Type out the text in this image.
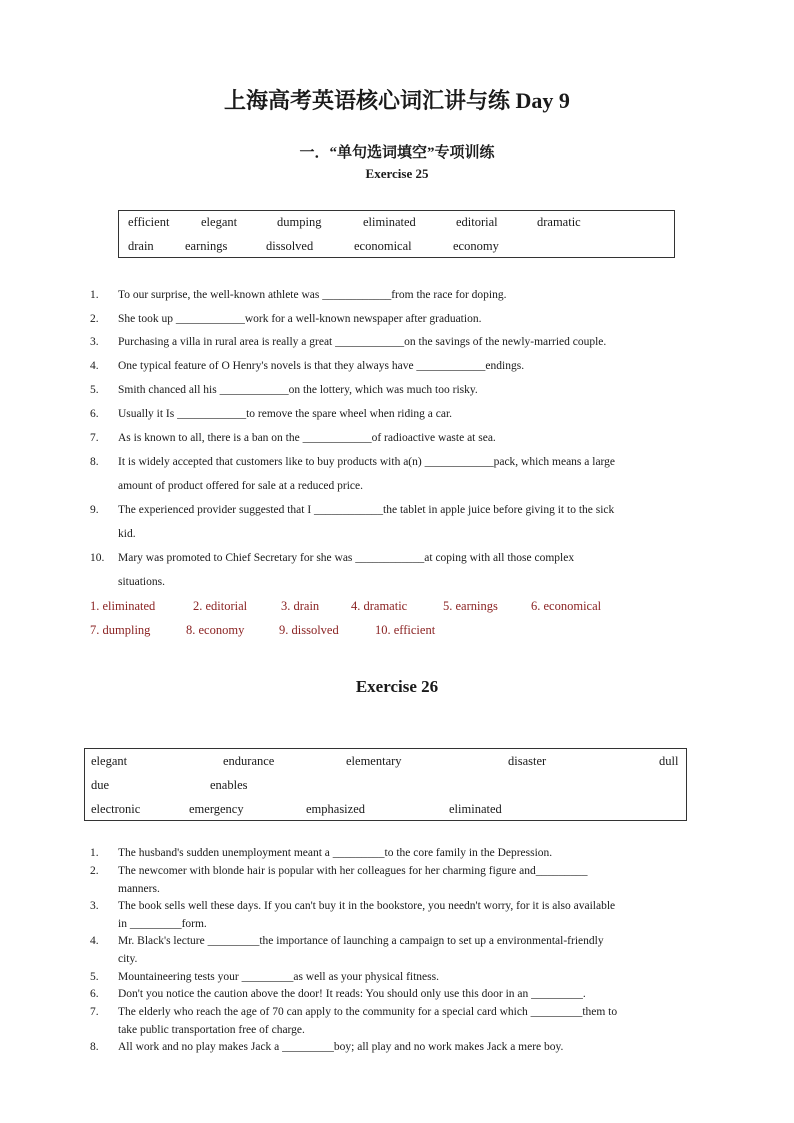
上海高考英语核心词汇讲与练 Day 9
一．“单句选词填空”专项训练
Exercise 25
efficient	elegant	dumping	eliminated	editorial	dramatic
drain	earnings	dissolved	economical	economy
1. To our surprise, the well-known athlete was ____________from the race for doping.
2. She took up ____________work for a well-known newspaper after graduation.
3. Purchasing a villa in rural area is really a great ____________on the savings of the newly-married couple.
4. One typical feature of O Henry's novels is that they always have ____________endings.
5. Smith chanced all his ____________on the lottery, which was much too risky.
6. Usually it Is ____________to remove the spare wheel when riding a car.
7. As is known to all, there is a ban on the ____________of radioactive waste at sea.
8. It is widely accepted that customers like to buy products with a(n) ____________pack, which means a large
amount of product offered for sale at a reduced price.
9. The experienced provider suggested that I ____________the tablet in apple juice before giving it to the sick
kid.
10. Mary was promoted to Chief Secretary for she was ____________at coping with all those complex
situations.
1. eliminated	2. editorial	3. drain	4. dramatic	5. earnings	6. economical
7. dumpling	8. economy	9. dissolved	10. efficient
Exercise 26
elegant	endurance	elementary	disaster	dull
due	enables
electronic	emergency	emphasized	eliminated
1. The husband's sudden unemployment meant a _________to the core family in the Depression.
2. The newcomer with blonde hair is popular with her colleagues for her charming figure and_________
manners.
3. The book sells well these days. If you can't buy it in the bookstore, you needn't worry, for it is also available
in _________form.
4. Mr. Black's lecture _________the importance of launching a campaign to set up a environmental-friendly
city.
5. Mountaineering tests your _________as well as your physical fitness.
6. Don't you notice the caution above the door! It reads: You should only use this door in an _________.
7. The elderly who reach the age of 70 can apply to the community for a special card which _________them to
take public transportation free of charge.
8. All work and no play makes Jack a _________boy; all play and no work makes Jack a mere boy.
